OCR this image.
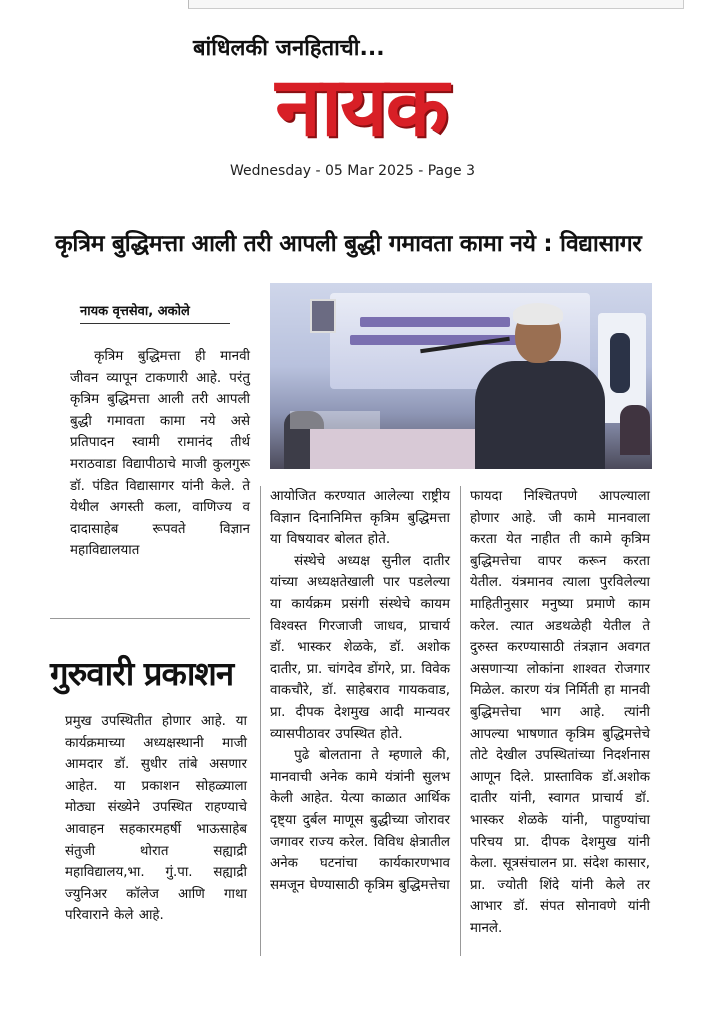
बांधिलकी जनहिताची...
नायक
Wednesday - 05 Mar 2025 - Page 3
कृत्रिम बुद्धिमत्ता आली तरी आपली बुद्धी गमावता कामा नये : विद्यासागर
नायक वृत्तसेवा, अकोले

कृत्रिम बुद्धिमत्ता ही मानवी जीवन व्यापून टाकणारी आहे. परंतु कृत्रिम बुद्धिमत्ता आली तरी आपली बुद्धी गमावता कामा नये असे प्रतिपादन स्वामी रामानंद तीर्थ मराठवाडा विद्यापीठाचे माजी कुलगुरू डॉ. पंडित विद्यासागर यांनी केले. ते येथील अगस्ती कला, वाणिज्य व दादासाहेब रूपवते विज्ञान महाविद्यालयात

आयोजित करण्यात आलेल्या राष्ट्रीय विज्ञान दिनानिमित्त कृत्रिम बुद्धिमत्ता या विषयावर बोलत होते.

संस्थेचे अध्यक्ष सुनील दातीर यांच्या अध्यक्षतेखाली पार पडलेल्या या कार्यक्रम प्रसंगी संस्थेचे कायम विश्वस्त गिरजाजी जाधव, प्राचार्य डॉ. भास्कर शेळके, डॉ. अशोक दातीर, प्रा. चांगदेव डोंगरे, प्रा. विवेक वाकचौरे, डॉ. साहेबराव गायकवाड, प्रा. दीपक देशमुख आदी मान्यवर व्यासपीठावर उपस्थित होते.

पुढे बोलताना ते म्हणाले की, मानवाची अनेक कामे यंत्रांनी सुलभ केली आहेत. येत्या काळात आर्थिक दृष्ट्या दुर्बल माणूस बुद्धीच्या जोरावर जगावर राज्य करेल. विविध क्षेत्रातील अनेक घटनांचा कार्यकारणभाव समजून घेण्यासाठी कृत्रिम बुद्धिमत्तेचा

फायदा निश्चितपणे आपल्याला होणार आहे. जी कामे मानवाला करता येत नाहीत ती कामे कृत्रिम बुद्धिमत्तेचा वापर करून करता येतील. यंत्रमानव त्याला पुरविलेल्या माहितीनुसार मनुष्या प्रमाणे काम करेल. त्यात अडथळेही येतील ते दुरुस्त करण्यासाठी तंत्रज्ञान अवगत असणाऱ्या लोकांना शाश्वत रोजगार मिळेल. कारण यंत्र निर्मिती हा मानवी बुद्धिमत्तेचा भाग आहे. त्यांनी आपल्या भाषणात कृत्रिम बुद्धिमत्तेचे तोटे देखील उपस्थितांच्या निदर्शनास आणून दिले. प्रास्ताविक डॉ.अशोक दातीर यांनी, स्वागत प्राचार्य डॉ. भास्कर शेळके यांनी, पाहुण्यांचा परिचय प्रा. दीपक देशमुख यांनी केला. सूत्रसंचालन प्रा. संदेश कासार, प्रा. ज्योती शिंदे यांनी केले तर आभार डॉ. संपत सोनावणे यांनी मानले.

गुरुवारी प्रकाशन

प्रमुख उपस्थितीत होणार आहे. या कार्यक्रमाच्या अध्यक्षस्थानी माजी आमदार डॉ. सुधीर तांबे असणार आहेत. या प्रकाशन सोहळ्याला मोठ्या संख्येने उपस्थित राहण्याचे आवाहन सहकारमहर्षी भाऊसाहेब संतुजी थोरात सह्याद्री महाविद्यालय,भा. गुं.पा. सह्याद्री ज्युनिअर कॉलेज आणि गाथा परिवाराने केले आहे.
